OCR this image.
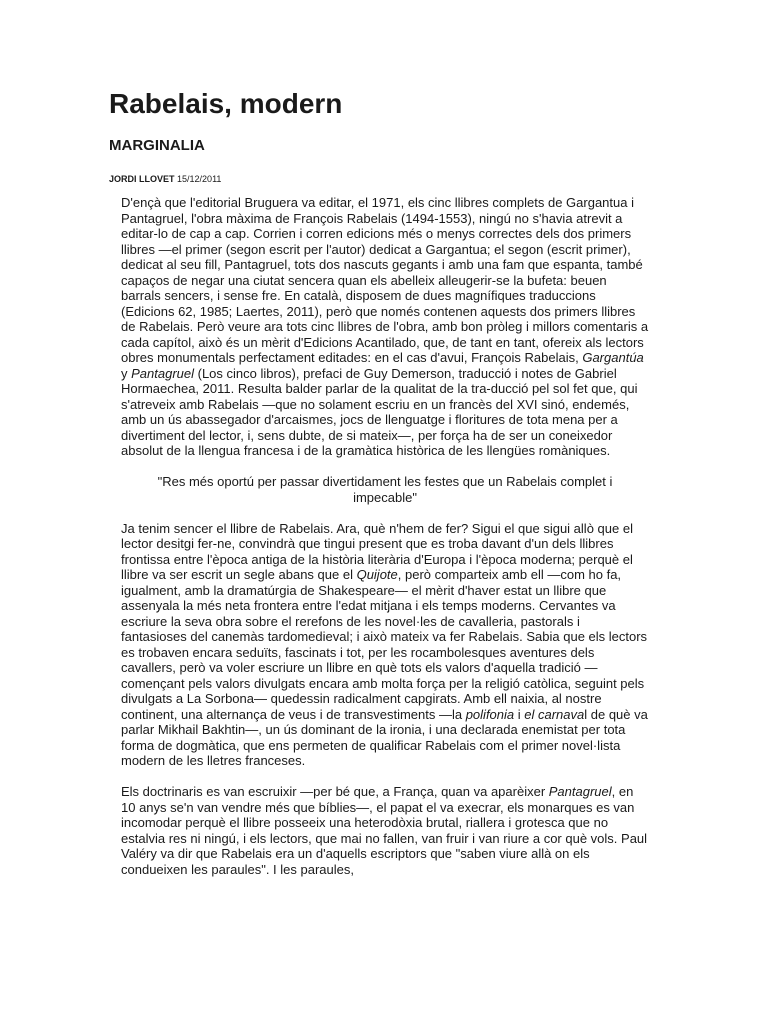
Rabelais, modern
MARGINALIA
JORDI LLOVET 15/12/2011

D'ençà que l'editorial Bruguera va editar, el 1971, els cinc llibres complets de Gargantua i Pantagruel, l'obra màxima de François Rabelais (1494-1553), ningú no s'havia atrevit a editar-lo de cap a cap. Corrien i corren edicions més o menys correctes dels dos primers llibres —el primer (segon escrit per l'autor) dedicat a Gargantua; el segon (escrit primer), dedicat al seu fill, Pantagruel, tots dos nascuts gegants i amb una fam que espanta, també capaços de negar una ciutat sencera quan els abelleix alleugerir-se la bufeta: beuen barrals sencers, i sense fre. En català, disposem de dues magnífiques traduccions (Edicions 62, 1985; Laertes, 2011), però que només contenen aquests dos primers llibres de Rabelais. Però veure ara tots cinc llibres de l'obra, amb bon pròleg i millors comentaris a cada capítol, això és un mèrit d'Edicions Acantilado, que, de tant en tant, ofereix als lectors obres monumentals perfectament editades: en el cas d'avui, François Rabelais, Gargantúa y Pantagruel (Los cinco libros), prefaci de Guy Demerson, traducció i notes de Gabriel Hormaechea, 2011. Resulta balder parlar de la qualitat de la tra-ducció pel sol fet que, qui s'atreveix amb Rabelais —que no solament escriu en un francès del XVI sinó, endemés, amb un ús abassegador d'arcaismes, jocs de llenguatge i floritures de tota mena per a divertiment del lector, i, sens dubte, de si mateix—, per força ha de ser un coneixedor absolut de la llengua francesa i de la gramàtica històrica de les llengües romàniques.

"Res més oportú per passar divertidament les festes que un Rabelais complet i impecable"

Ja tenim sencer el llibre de Rabelais. Ara, què n'hem de fer? Sigui el que sigui allò que el lector desitgi fer-ne, convindrà que tingui present que es troba davant d'un dels llibres frontissa entre l'època antiga de la història literària d'Europa i l'època moderna; perquè el llibre va ser escrit un segle abans que el Quijote, però comparteix amb ell —com ho fa, igualment, amb la dramatúrgia de Shakespeare— el mèrit d'haver estat un llibre que assenyala la més neta frontera entre l'edat mitjana i els temps moderns. Cervantes va escriure la seva obra sobre el rerefons de les novel·les de cavalleria, pastorals i fantasioses del canemàs tardomedieval; i això mateix va fer Rabelais. Sabia que els lectors es trobaven encara seduïts, fascinats i tot, per les rocambolesques aventures dels cavallers, però va voler escriure un llibre en què tots els valors d'aquella tradició —començant pels valors divulgats encara amb molta força per la religió catòlica, seguint pels divulgats a La Sorbona— quedessin radicalment capgirats. Amb ell naixia, al nostre continent, una alternança de veus i de transvestiments —la polifonia i el carnaval de què va parlar Mikhail Bakhtin—, un ús dominant de la ironia, i una declarada enemistat per tota forma de dogmàtica, que ens permeten de qualificar Rabelais com el primer novel·lista modern de les lletres franceses.

Els doctrinaris es van escruixir —per bé que, a França, quan va aparèixer Pantagruel, en 10 anys se'n van vendre més que bíblies—, el papat el va execrar, els monarques es van incomodar perquè el llibre posseeix una heterodòxia brutal, riallera i grotesca que no estalvia res ni ningú, i els lectors, que mai no fallen, van fruir i van riure a cor què vols. Paul Valéry va dir que Rabelais era un d'aquells escriptors que "saben viure allà on els condueixen les paraules". I les paraules,
